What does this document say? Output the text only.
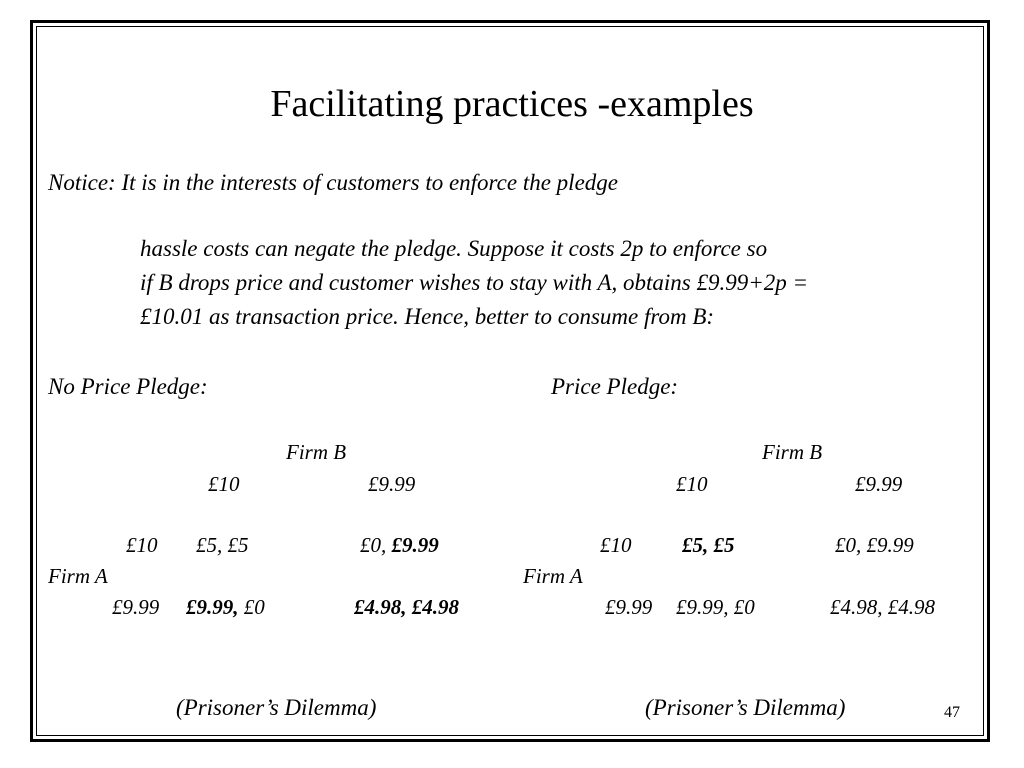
Facilitating practices -examples
Notice: It is in the interests of customers to enforce the pledge
hassle costs can negate the pledge. Suppose it costs 2p to enforce so
if B drops price and customer wishes to stay with A, obtains £9.99+2p =
£10.01 as transaction price. Hence, better to consume from B:
No Price Pledge:
Firm B
£10	£9.99
£10 £5, £5	£0, £9.99
Firm A
£9.99 £9.99, £0	£4.98, £4.98
(Prisoner’s Dilemma)
Price Pledge:
Firm B
£10	£9.99
£10 £5, £5	£0, £9.99
Firm A
£9.99 £9.99, £0	£4.98, £4.98
(Prisoner’s Dilemma)	47
